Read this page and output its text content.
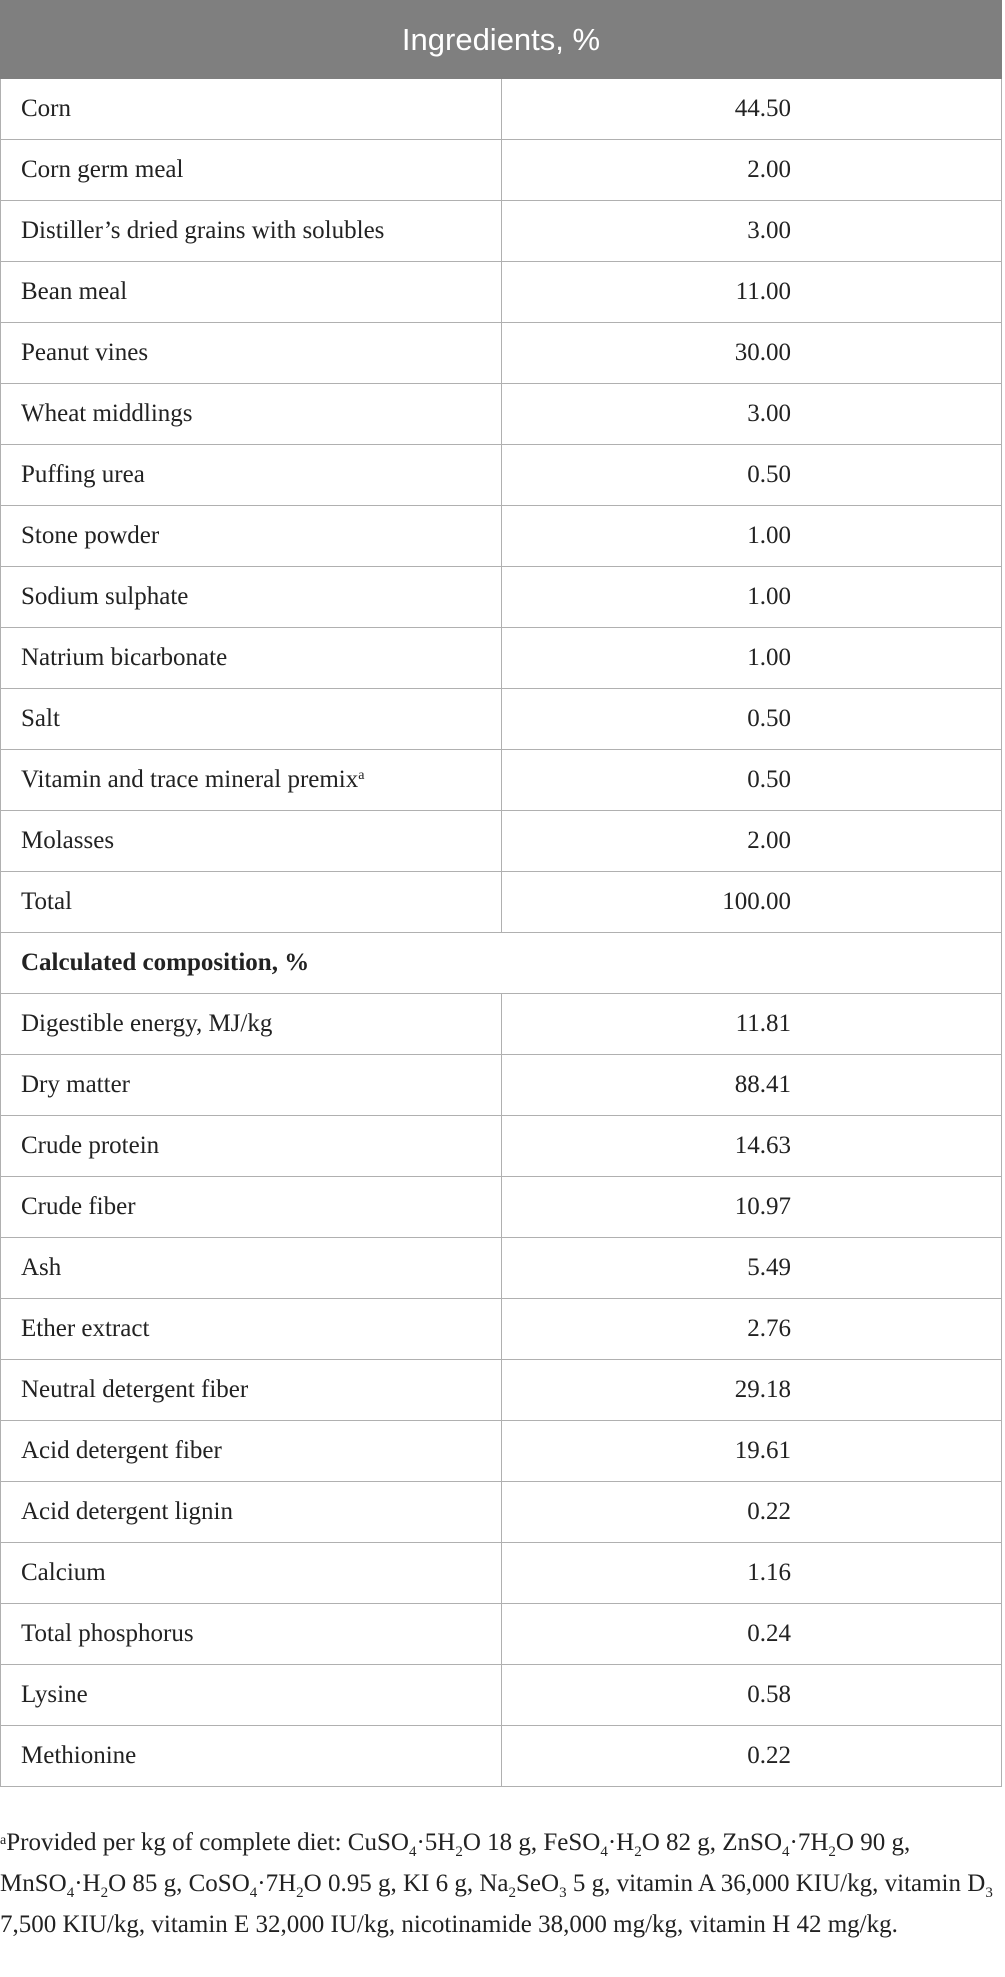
Ingredients, %	
Corn	44.50
Corn germ meal	2.00
Distiller’s dried grains with solubles	3.00
Bean meal	11.00
Peanut vines	30.00
Wheat middlings	3.00
Puffing urea	0.50
Stone powder	1.00
Sodium sulphate	1.00
Natrium bicarbonate	1.00
Salt	0.50
Vitamin and trace mineral premix$^a$	0.50
Molasses	2.00
Total	100.00
Calculated composition, %	
Digestible energy, MJ/kg	11.81
Dry matter	88.41
Crude protein	14.63
Crude fiber	10.97
Ash	5.49
Ether extract	2.76
Neutral detergent fiber	29.18
Acid detergent fiber	19.61
Acid detergent lignin	0.22
Calcium	1.16
Total phosphorus	0.24
Lysine	0.58
Methionine	0.22
$^a$Provided per kg of complete diet: $CuSO_4\cdot 5H_2O$ 18 g, $FeSO_4\cdot H_2O$ 82 g, $ZnSO_4\cdot 7H_2O$ 90 g, $MnSO_4\cdot H_2O$ 85 g, $CoSO_4\cdot 7H_2O$ 0.95 g, KI 6 g, $Na_2SeO_3$ 5 g, vitamin A 36,000 KIU/kg, vitamin $D_3$ 7,500 KIU/kg, vitamin E 32,000 IU/kg, nicotinamide 38,000 mg/kg, vitamin H 42 mg/kg.
